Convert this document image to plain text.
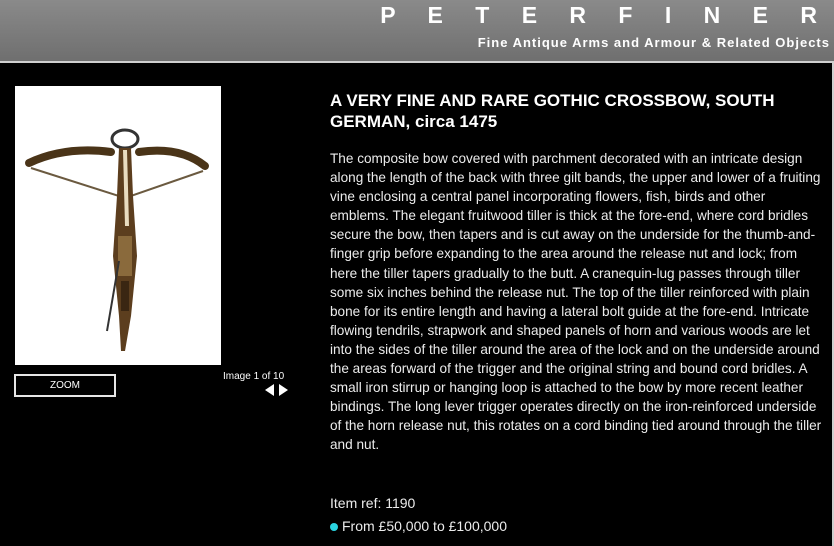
P E T E R F I N E R
Fine Antique Arms and Armour & Related Objects
ZOOM
Image 1 of 10
A VERY FINE AND RARE GOTHIC CROSSBOW, SOUTH GERMAN, circa 1475

The composite bow covered with parchment decorated with an intricate design along the length of the back with three gilt bands, the upper and lower of a fruiting vine enclosing a central panel incorporating flowers, fish, birds and other emblems. The elegant fruitwood tiller is thick at the fore-end, where cord bridles secure the bow, then tapers and is cut away on the underside for the thumb-and-finger grip before expanding to the area around the release nut and lock; from here the tiller tapers gradually to the butt. A cranequin-lug passes through tiller some six inches behind the release nut. The top of the tiller reinforced with plain bone for its entire length and having a lateral bolt guide at the fore-end. Intricate flowing tendrils, strapwork and shaped panels of horn and various woods are let into the sides of the tiller around the area of the lock and on the underside around the areas forward of the trigger and the original string and bound cord bridles. A small iron stirrup or hanging loop is attached to the bow by more recent leather bindings. The long lever trigger operates directly on the iron-reinforced underside of the horn release nut, this rotates on a cord binding tied around through the tiller and nut.

Item ref: 1190
From £50,000 to £100,000
